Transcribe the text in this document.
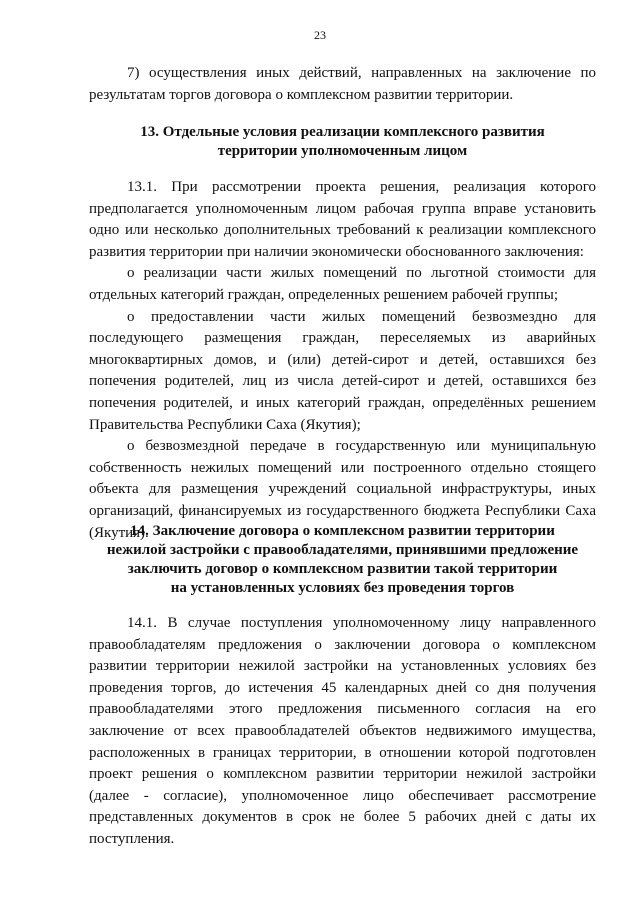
23

7) осуществления иных действий, направленных на заключение по результатам торгов договора о комплексном развитии территории.

13. Отдельные условия реализации комплексного развития
территории уполномоченным лицом

13.1. При рассмотрении проекта решения, реализация которого предполагается уполномоченным лицом рабочая группа вправе установить одно или несколько дополнительных требований к реализации комплексного развития территории при наличии экономически обоснованного заключения:

о реализации части жилых помещений по льготной стоимости для отдельных категорий граждан, определенных решением рабочей группы;

о предоставлении части жилых помещений безвозмездно для последующего размещения граждан, переселяемых из аварийных многоквартирных домов, и (или) детей-сирот и детей, оставшихся без попечения родителей, лиц из числа детей-сирот и детей, оставшихся без попечения родителей, и иных категорий граждан, определённых решением Правительства Республики Саха (Якутия);

о безвозмездной передаче в государственную или муниципальную собственность нежилых помещений или построенного отдельно стоящего объекта для размещения учреждений социальной инфраструктуры, иных организаций, финансируемых из государственного бюджета Республики Саха (Якутия).

14. Заключение договора о комплексном развитии территории
нежилой застройки с правообладателями, принявшими предложение
заключить договор о комплексном развитии такой территории
на установленных условиях без проведения торгов

14.1. В случае поступления уполномоченному лицу направленного правообладателям предложения о заключении договора о комплексном развитии территории нежилой застройки на установленных условиях без проведения торгов, до истечения 45 календарных дней со дня получения правообладателями этого предложения письменного согласия на его заключение от всех правообладателей объектов недвижимого имущества, расположенных в границах территории, в отношении которой подготовлен проект решения о комплексном развитии территории нежилой застройки (далее - согласие), уполномоченное лицо обеспечивает рассмотрение представленных документов в срок не более 5 рабочих дней с даты их поступления.
